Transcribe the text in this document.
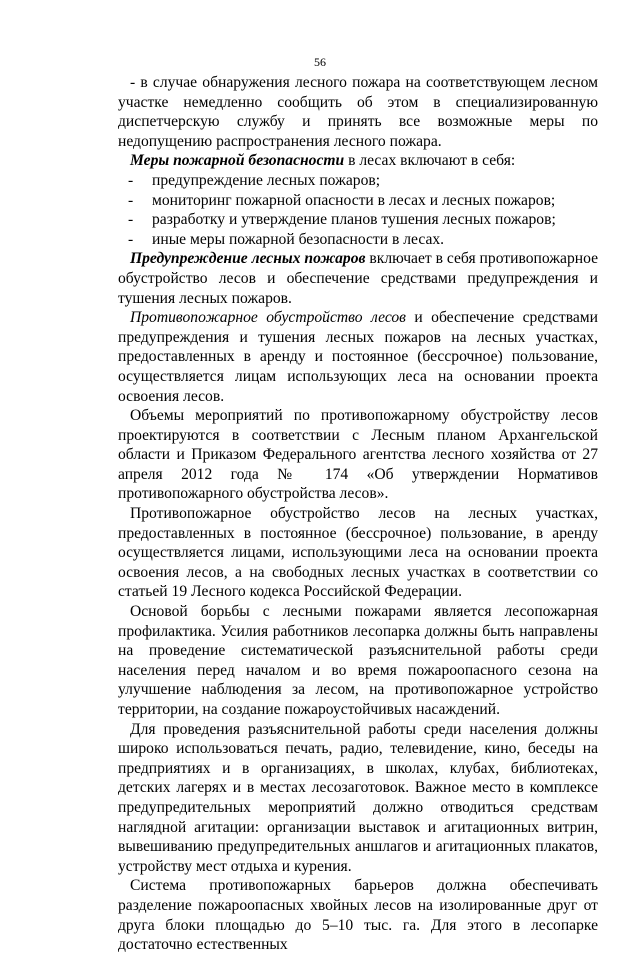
56

- в случае обнаружения лесного пожара на соответствующем лесном участке немедленно сообщить об этом в специализированную диспетчерскую службу и принять все возможные меры по недопущению распространения лесного пожара.

Меры пожарной безопасности в лесах включают в себя:

- предупреждение лесных пожаров;
- мониторинг пожарной опасности в лесах и лесных пожаров;
- разработку и утверждение планов тушения лесных пожаров;
- иные меры пожарной безопасности в лесах.

Предупреждение лесных пожаров включает в себя противопожарное обустройство лесов и обеспечение средствами предупреждения и тушения лесных пожаров.

Противопожарное обустройство лесов и обеспечение средствами предупреждения и тушения лесных пожаров на лесных участках, предоставленных в аренду и постоянное (бессрочное) пользование, осуществляется лицам использующих леса на основании проекта освоения лесов.

Объемы мероприятий по противопожарному обустройству лесов проектируются в соответствии с Лесным планом Архангельской области и Приказом Федерального агентства лесного хозяйства от 27 апреля 2012 года № 174 «Об утверждении Нормативов противопожарного обустройства лесов».

Противопожарное обустройство лесов на лесных участках, предоставленных в постоянное (бессрочное) пользование, в аренду осуществляется лицами, использующими леса на основании проекта освоения лесов, а на свободных лесных участках в соответствии со статьей 19 Лесного кодекса Российской Федерации.

Основой борьбы с лесными пожарами является лесопожарная профилактика. Усилия работников лесопарка должны быть направлены на проведение систематической разъяснительной работы среди населения перед началом и во время пожароопасного сезона на улучшение наблюдения за лесом, на противопожарное устройство территории, на создание пожароустойчивых насаждений.

Для проведения разъяснительной работы среди населения должны широко использоваться печать, радио, телевидение, кино, беседы на предприятиях и в организациях, в школах, клубах, библиотеках, детских лагерях и в местах лесозаготовок. Важное место в комплексе предупредительных мероприятий должно отводиться средствам наглядной агитации: организации выставок и агитационных витрин, вывешиванию предупредительных аншлагов и агитационных плакатов, устройству мест отдыха и курения.

Система противопожарных барьеров должна обеспечивать разделение пожароопасных хвойных лесов на изолированные друг от друга блоки площадью до 5–10 тыс. га. Для этого в лесопарке достаточно естественных
